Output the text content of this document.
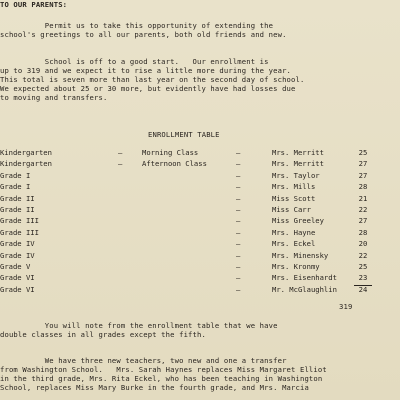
TO OUR PARENTS:

Permit us to take this opportunity of extending the

school's greetings to all our parents, both old friends and new.

School is off to a good start.   Our enrollment is

up to 319 and we expect it to rise a little more during the year.

This total is seven more than last year on the second day of school.

We expected about 25 or 30 more, but evidently have had losses due

to moving and transfers.

ENROLLMENT TABLE

Kindergarten	–	Morning Class	–	Mrs. Merritt	25
Kindergarten	–	Afternoon Class	–	Mrs. Merritt	27
Grade I	–	Mrs. Taylor	27
Grade I	–	Mrs. Mills	28
Grade II	–	Miss Scott	21
Grade II	–	Miss Carr	22
Grade III	–	Miss Greeley	27
Grade III	–	Mrs. Hayne	28
Grade IV	–	Mrs. Eckel	20
Grade IV	–	Mrs. Minensky	22
Grade V	–	Mrs. Kronmy	25
Grade VI	–	Mrs. Eisenhardt	23
Grade VI	–	Mr. McGlaughlin	24

319

You will note from the enrollment table that we have

double classes in all grades except the fifth.

We have three new teachers, two new and one a transfer

from Washington School.   Mrs. Sarah Haynes replaces Miss Margaret Elliot

in the third grade, Mrs. Rita Eckel, who has been teaching in Washington

School, replaces Miss Mary Burke in the fourth grade, and Mrs. Marcia
